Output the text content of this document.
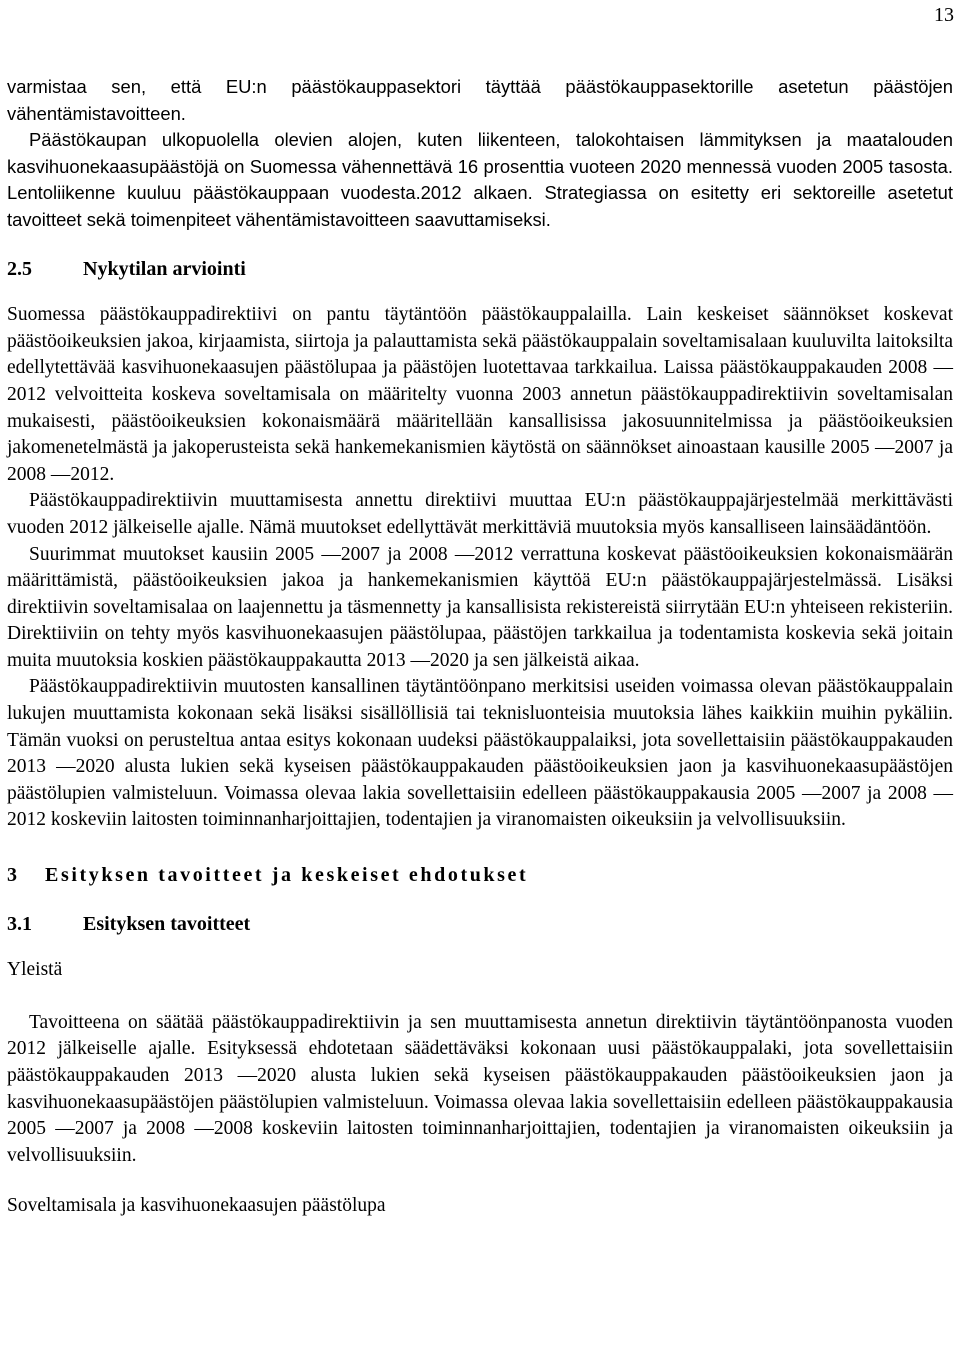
13

varmistaa sen, että EU:n päästökauppasektori täyttää päästökauppasektorille asetetun päästöjen vähentämistavoitteen.

Päästökaupan ulkopuolella olevien alojen, kuten liikenteen, talokohtaisen lämmityksen ja maatalouden kasvihuonekaasupäästöjä on Suomessa vähennettävä 16 prosenttia vuoteen 2020 mennessä vuoden 2005 tasosta. Lentoliikenne kuuluu päästökauppaan vuodesta.2012 alkaen. Strategiassa on esitetty eri sektoreille asetetut tavoitteet sekä toimenpiteet vähentämistavoitteen saavuttamiseksi.

2.5	Nykytilan arviointi

Suomessa päästökauppadirektiivi on pantu täytäntöön päästökauppalailla. Lain keskeiset säännökset koskevat päästöoikeuksien jakoa, kirjaamista, siirtoja ja palauttamista sekä päästökauppalain soveltamisalaan kuuluvilta laitoksilta edellytettävää kasvihuonekaasujen päästölupaa ja päästöjen luotettavaa tarkkailua. Laissa päästökauppakauden 2008 —2012 velvoitteita koskeva soveltamisala on määritelty vuonna 2003 annetun päästökauppadirektiivin soveltamisalan mukaisesti, päästöoikeuksien kokonaismäärä määritellään kansallisissa jakosuunnitelmissa ja päästöoikeuksien jakomenetelmästä ja jakoperusteista sekä hankemekanismien käytöstä on säännökset ainoastaan kausille 2005 —2007 ja 2008 —2012.

Päästökauppadirektiivin muuttamisesta annettu direktiivi muuttaa EU:n päästökauppajärjestelmää merkittävästi vuoden 2012 jälkeiselle ajalle. Nämä muutokset edellyttävät merkittäviä muutoksia myös kansalliseen lainsäädäntöön.

Suurimmat muutokset kausiin 2005 —2007 ja 2008 —2012 verrattuna koskevat päästöoikeuksien kokonaismäärän määrittämistä, päästöoikeuksien jakoa ja hankemekanismien käyttöä EU:n päästökauppajärjestelmässä. Lisäksi direktiivin soveltamisalaa on laajennettu ja täsmennetty ja kansallisista rekistereistä siirrytään EU:n yhteiseen rekisteriin. Direktiiviin on tehty myös kasvihuonekaasujen päästölupaa, päästöjen tarkkailua ja todentamista koskevia sekä joitain muita muutoksia koskien päästökauppakautta 2013 —2020 ja sen jälkeistä aikaa.

Päästökauppadirektiivin muutosten kansallinen täytäntöönpano merkitsisi useiden voimassa olevan päästökauppalain lukujen muuttamista kokonaan sekä lisäksi sisällöllisiä tai teknisluonteisia muutoksia lähes kaikkiin muihin pykäliin. Tämän vuoksi on perusteltua antaa esitys kokonaan uudeksi päästökauppalaiksi, jota sovellettaisiin päästökauppakauden 2013 —2020 alusta lukien sekä kyseisen päästökauppakauden päästöoikeuksien jaon ja kasvihuonekaasupäästöjen päästölupien valmisteluun. Voimassa olevaa lakia sovellettaisiin edelleen päästökauppakausia 2005 —2007 ja 2008 —2012 koskeviin laitosten toiminnanharjoittajien, todentajien ja viranomaisten oikeuksiin ja velvollisuuksiin.

3 Esityksen tavoitteet ja keskeiset ehdotukset
3.1	Esityksen tavoitteet
Yleistä

Tavoitteena on säätää päästökauppadirektiivin ja sen muuttamisesta annetun direktiivin täytäntöönpanosta vuoden 2012 jälkeiselle ajalle. Esityksessä ehdotetaan säädettäväksi kokonaan uusi päästökauppalaki, jota sovellettaisiin päästökauppakauden 2013 —2020 alusta lukien sekä kyseisen päästökauppakauden päästöoikeuksien jaon ja kasvihuonekaasupäästöjen päästölupien valmisteluun. Voimassa olevaa lakia sovellettaisiin edelleen päästökauppakausia 2005 —2007 ja 2008 —2008 koskeviin laitosten toiminnanharjoittajien, todentajien ja viranomaisten oikeuksiin ja velvollisuuksiin.

Soveltamisala ja kasvihuonekaasujen päästölupa
